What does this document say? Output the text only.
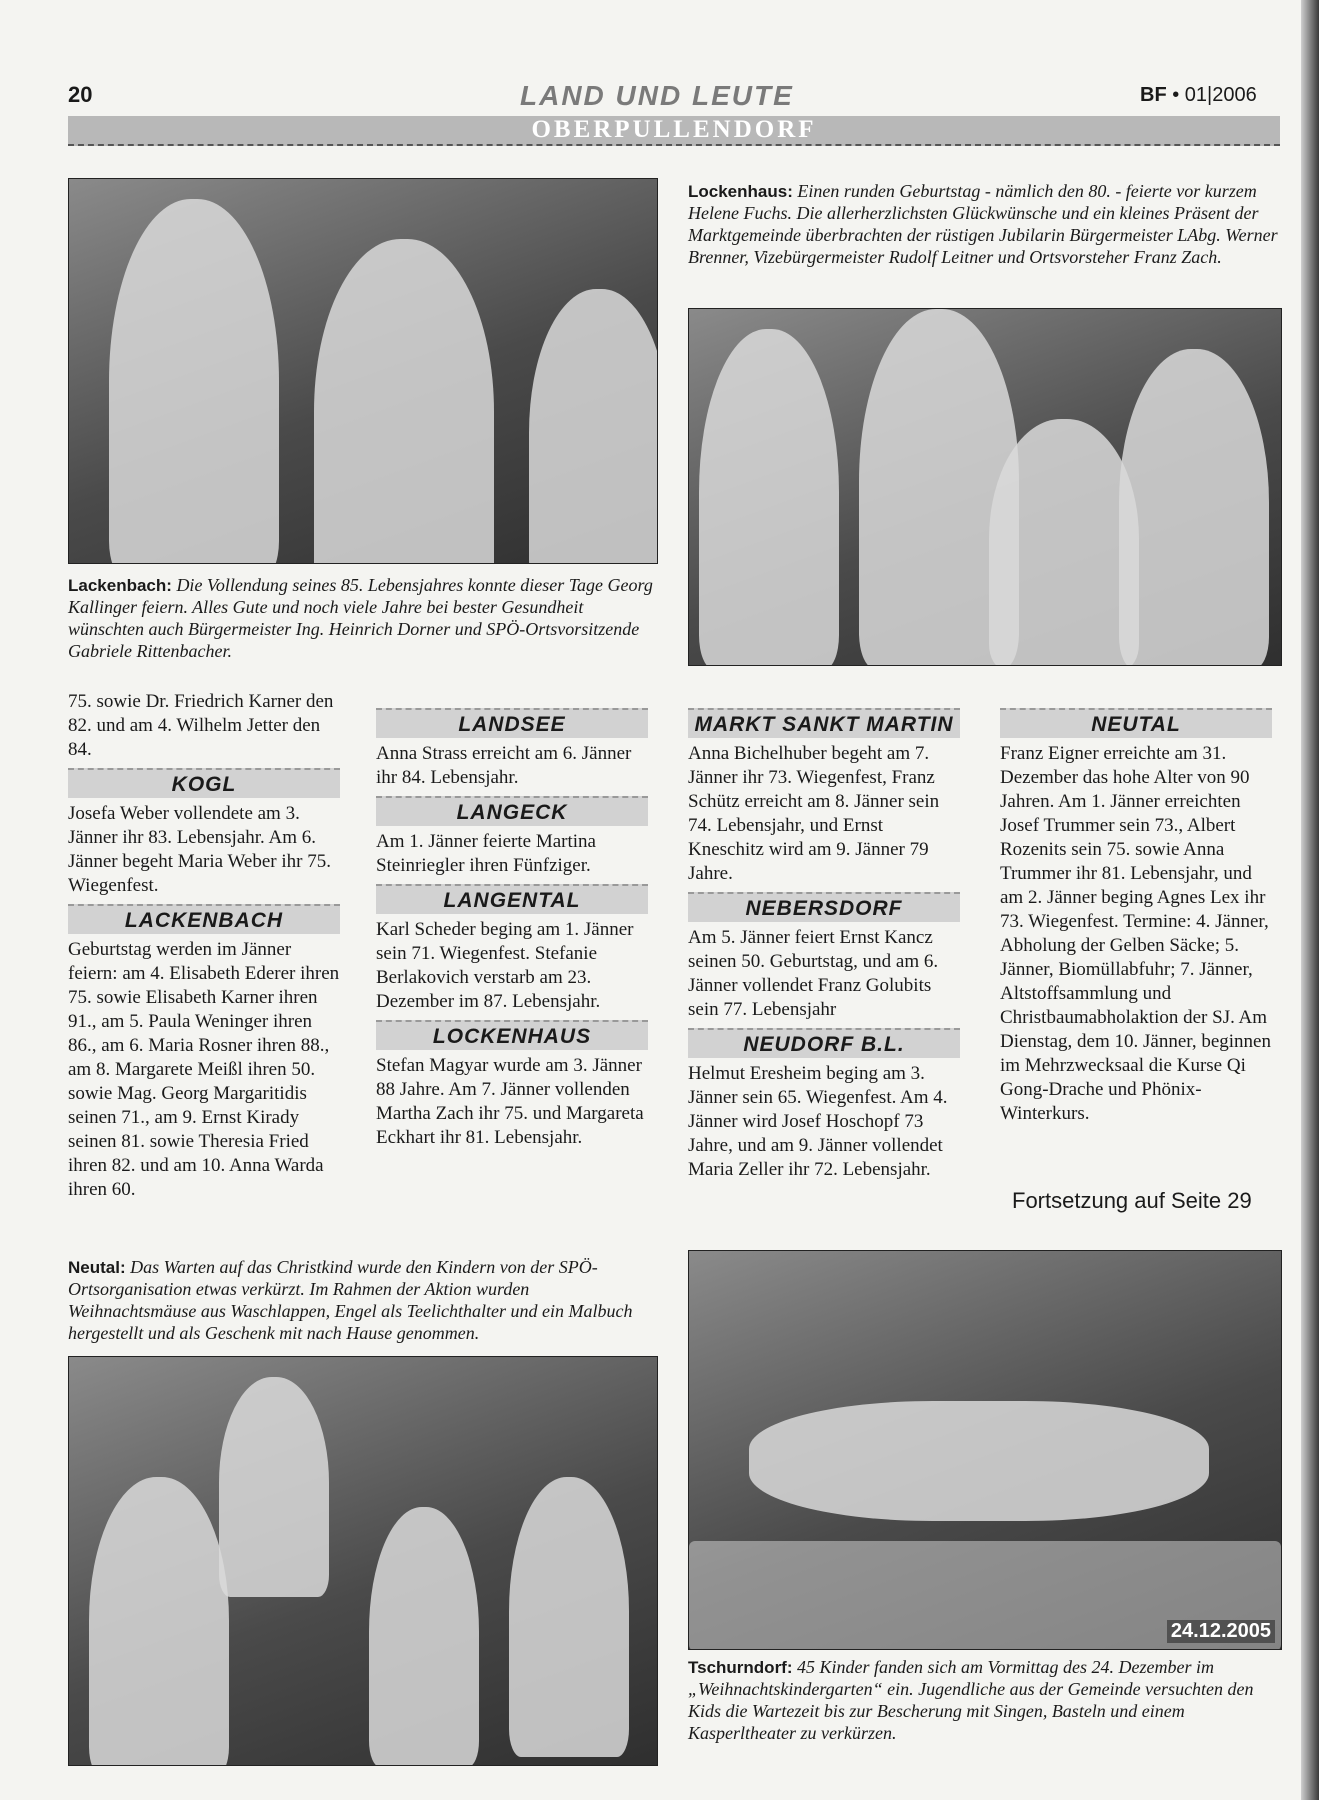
20	LAND UND LEUTE	BF • 01|2006
OBERPULLENDORF
Lackenbach: Die Vollendung seines 85. Lebensjahres konnte dieser Tage Georg Kallinger feiern. Alles Gute und noch viele Jahre bei bester Gesundheit wünschten auch Bürgermeister Ing. Heinrich Dorner und SPÖ-Ortsvorsitzende Gabriele Rittenbacher.
Lockenhaus: Einen runden Geburtstag - nämlich den 80. - feierte vor kurzem Helene Fuchs. Die allerherzlichsten Glückwünsche und ein kleines Präsent der Marktgemeinde überbrachten der rüstigen Jubilarin Bürgermeister LAbg. Werner Brenner, Vizebürgermeister Rudolf Leitner und Ortsvorsteher Franz Zach.

75. sowie Dr. Friedrich Karner den 82. und am 4. Wilhelm Jetter den 84.

KOGL

Josefa Weber vollendete am 3. Jänner ihr 83. Lebensjahr. Am 6. Jänner begeht Maria Weber ihr 75. Wiegenfest.

LACKENBACH

Geburtstag werden im Jänner feiern: am 4. Elisabeth Ederer ihren 75. sowie Elisabeth Karner ihren 91., am 5. Paula Weninger ihren 86., am 6. Maria Rosner ihren 88., am 8. Margarete Meißl ihren 50. sowie Mag. Georg Margaritidis seinen 71., am 9. Ernst Kirady seinen 81. sowie Theresia Fried ihren 82. und am 10. Anna Warda ihren 60.

LANDSEE

Anna Strass erreicht am 6. Jänner ihr 84. Lebensjahr.

LANGECK

Am 1. Jänner feierte Martina Steinriegler ihren Fünfziger.

LANGENTAL

Karl Scheder beging am 1. Jänner sein 71. Wiegenfest. Stefanie Berlakovich verstarb am 23. Dezember im 87. Lebensjahr.

LOCKENHAUS

Stefan Magyar wurde am 3. Jänner 88 Jahre. Am 7. Jänner vollenden Martha Zach ihr 75. und Margareta Eckhart ihr 81. Lebensjahr.

MARKT SANKT MARTIN

Anna Bichelhuber begeht am 7. Jänner ihr 73. Wiegenfest, Franz Schütz erreicht am 8. Jänner sein 74. Lebensjahr, und Ernst Kneschitz wird am 9. Jänner 79 Jahre.

NEBERSDORF

Am 5. Jänner feiert Ernst Kancz seinen 50. Geburtstag, und am 6. Jänner vollendet Franz Golubits sein 77. Lebensjahr

NEUDORF B.L.

Helmut Eresheim beging am 3. Jänner sein 65. Wiegenfest. Am 4. Jänner wird Josef Hoschopf 73 Jahre, und am 9. Jänner vollendet Maria Zeller ihr 72. Lebensjahr.

NEUTAL

Franz Eigner erreichte am 31. Dezember das hohe Alter von 90 Jahren. Am 1. Jänner erreichten Josef Trummer sein 73., Albert Rozenits sein 75. sowie Anna Trummer ihr 81. Lebensjahr, und am 2. Jänner beging Agnes Lex ihr 73. Wiegenfest. Termine: 4. Jänner, Abholung der Gelben Säcke; 5. Jänner, Biomüllabfuhr; 7. Jänner, Altstoffsammlung und Christbaumabholaktion der SJ. Am Dienstag, dem 10. Jänner, beginnen im Mehrzwecksaal die Kurse Qi Gong-Drache und Phönix-Winterkurs.

Fortsetzung auf Seite 29
Neutal: Das Warten auf das Christkind wurde den Kindern von der SPÖ-Ortsorganisation etwas verkürzt. Im Rahmen der Aktion wurden Weihnachtsmäuse aus Waschlappen, Engel als Teelichthalter und ein Malbuch hergestellt und als Geschenk mit nach Hause genommen.
24.12.2005
Tschurndorf: 45 Kinder fanden sich am Vormittag des 24. Dezember im „Weihnachtskindergarten“ ein. Jugendliche aus der Gemeinde versuchten den Kids die Wartezeit bis zur Bescherung mit Singen, Basteln und einem Kasperltheater zu verkürzen.
